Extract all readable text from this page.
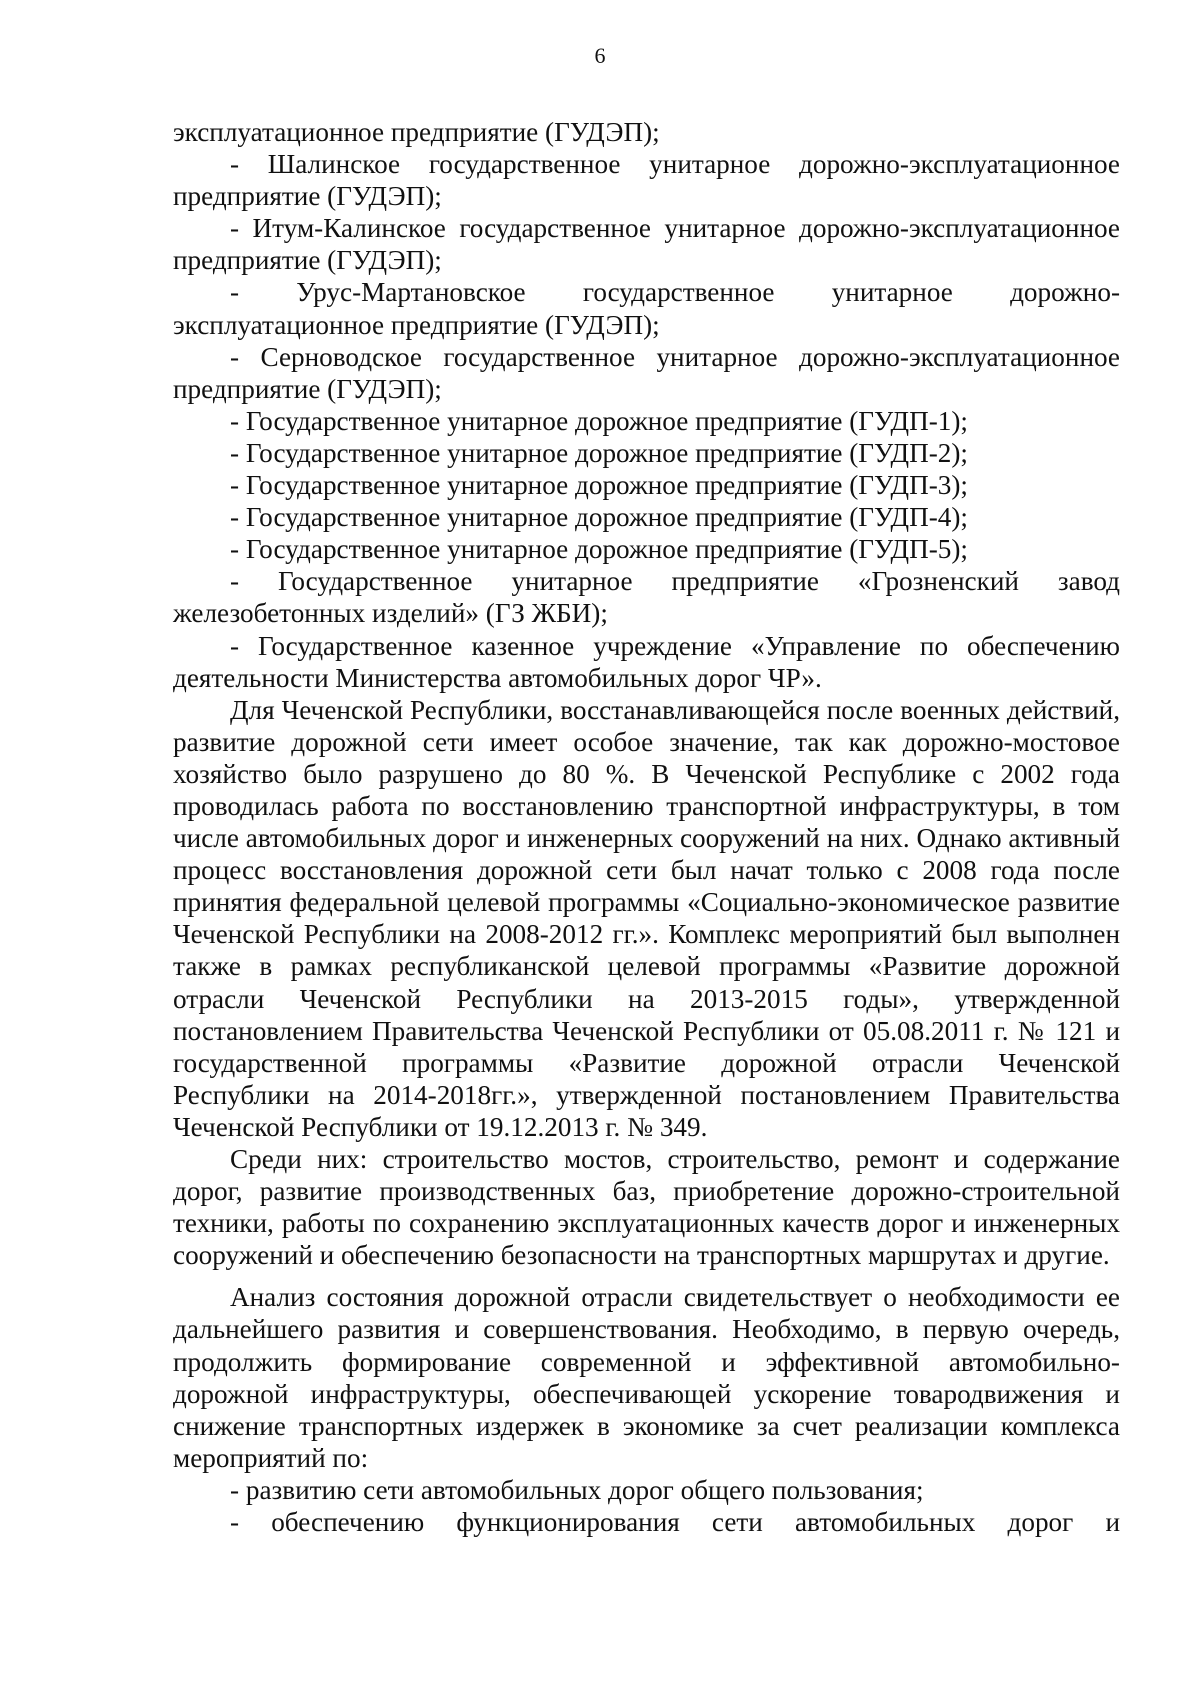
6

эксплуатационное предприятие (ГУДЭП);

- Шалинское государственное унитарное дорожно-эксплуатационное предприятие (ГУДЭП);

- Итум-Калинское государственное унитарное дорожно-эксплуатационное предприятие (ГУДЭП);

- Урус-Мартановское государственное унитарное дорожно-эксплуатационное предприятие (ГУДЭП);

- Серноводское государственное унитарное дорожно-эксплуатационное предприятие (ГУДЭП);

- Государственное унитарное дорожное предприятие (ГУДП-1);

- Государственное унитарное дорожное предприятие (ГУДП-2);

- Государственное унитарное дорожное предприятие (ГУДП-3);

- Государственное унитарное дорожное предприятие (ГУДП-4);

- Государственное унитарное дорожное предприятие (ГУДП-5);

- Государственное унитарное предприятие «Грозненский завод железобетонных изделий» (ГЗ ЖБИ);

- Государственное казенное учреждение «Управление по обеспечению деятельности Министерства автомобильных дорог ЧР».

Для Чеченской Республики, восстанавливающейся после военных действий, развитие дорожной сети имеет особое значение, так как дорожно-мостовое хозяйство было разрушено до 80 %. В Чеченской Республике с 2002 года проводилась работа по восстановлению транспортной инфраструктуры, в том числе автомобильных дорог и инженерных сооружений на них. Однако активный процесс восстановления дорожной сети был начат только с 2008 года после принятия федеральной целевой программы «Социально-экономическое развитие Чеченской Республики на 2008-2012 гг.». Комплекс мероприятий был выполнен также в рамках республиканской целевой программы «Развитие дорожной отрасли Чеченской Республики на 2013-2015 годы», утвержденной постановлением Правительства Чеченской Республики от 05.08.2011 г. № 121 и государственной программы «Развитие дорожной отрасли Чеченской Республики на 2014-2018гг.», утвержденной постановлением Правительства Чеченской Республики от 19.12.2013 г. № 349.

Среди них: строительство мостов, строительство, ремонт и содержание дорог, развитие производственных баз, приобретение дорожно-строительной техники, работы по сохранению эксплуатационных качеств дорог и инженерных сооружений и обеспечению безопасности на транспортных маршрутах и другие.

Анализ состояния дорожной отрасли свидетельствует о необходимости ее дальнейшего развития и совершенствования. Необходимо, в первую очередь, продолжить формирование современной и эффективной автомобильно-дорожной инфраструктуры, обеспечивающей ускорение товародвижения и снижение транспортных издержек в экономике за счет реализации комплекса мероприятий по:

- развитию сети автомобильных дорог общего пользования;

- обеспечению функционирования сети автомобильных дорог и
